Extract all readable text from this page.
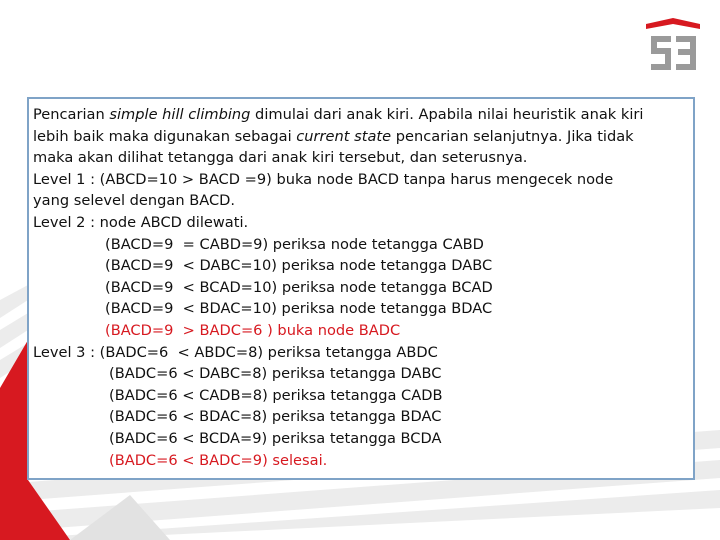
Pencarian simple hill climbing dimulai dari anak kiri. Apabila nilai heuristik anak kiri
lebih baik maka digunakan sebagai current state pencarian selanjutnya. Jika tidak
maka akan dilihat tetangga dari anak kiri tersebut, dan seterusnya.
Level 1 : (ABCD=10 > BACD =9) buka node BACD tanpa harus mengecek node
yang selevel dengan BACD.
Level 2 : node ABCD dilewati.
(BACD=9  = CABD=9) periksa node tetangga CABD
(BACD=9  < DABC=10) periksa node tetangga DABC
(BACD=9  < BCAD=10) periksa node tetangga BCAD
(BACD=9  < BDAC=10) periksa node tetangga BDAC
(BACD=9  > BADC=6 ) buka node BADC
Level 3 : (BADC=6  < ABDC=8) periksa tetangga ABDC
(BADC=6 < DABC=8) periksa tetangga DABC
(BADC=6 < CADB=8) periksa tetangga CADB
(BADC=6 < BDAC=8) periksa tetangga BDAC
(BADC=6 < BCDA=9) periksa tetangga BCDA
(BADC=6 < BADC=9) selesai.
